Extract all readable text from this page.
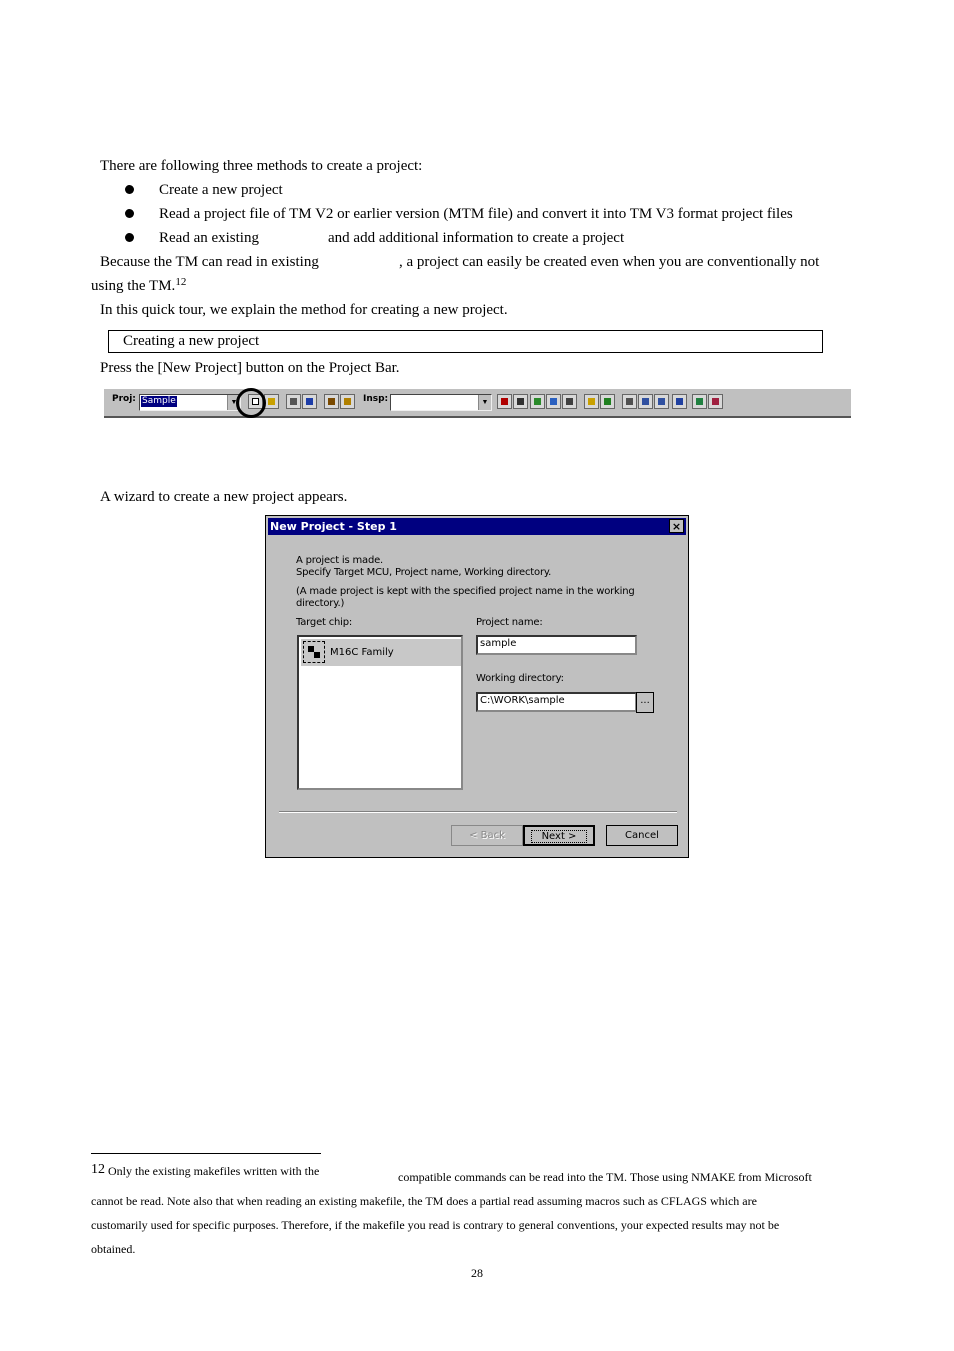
There are following three methods to create a project:
Create a new project
Read a project file of TM V2 or earlier version (MTM file) and convert it into TM V3 format project files
Read an existing	and add additional information to create a project
Because the TM can read in existing	, a project can easily be created even when you are conventionally not
using the TM.$^{12}$
In this quick tour, we explain the method for creating a new project.
Creating a new project
Press the [New Project] button on the Project Bar.
Proj: Sample	▼	Insp:	▼
A wizard to create a new project appears.
New Project - Step 1	×
A project is made.
Specify Target MCU, Project name, Working directory.
(A made project is kept with the specified project name in the working
directory.)
Target chip:
M16C Family
Project name:
sample
Working directory:
C:\WORK\sample	...
< Back	Next >	Cancel
12 Only the existing makefiles written with the	compatible commands can be read into the TM. Those using NMAKE from Microsoft
cannot be read. Note also that when reading an existing makefile, the TM does a partial read assuming macros such as CFLAGS which are
customarily used for specific purposes. Therefore, if the makefile you read is contrary to general conventions, your expected results may not be
obtained.
28
